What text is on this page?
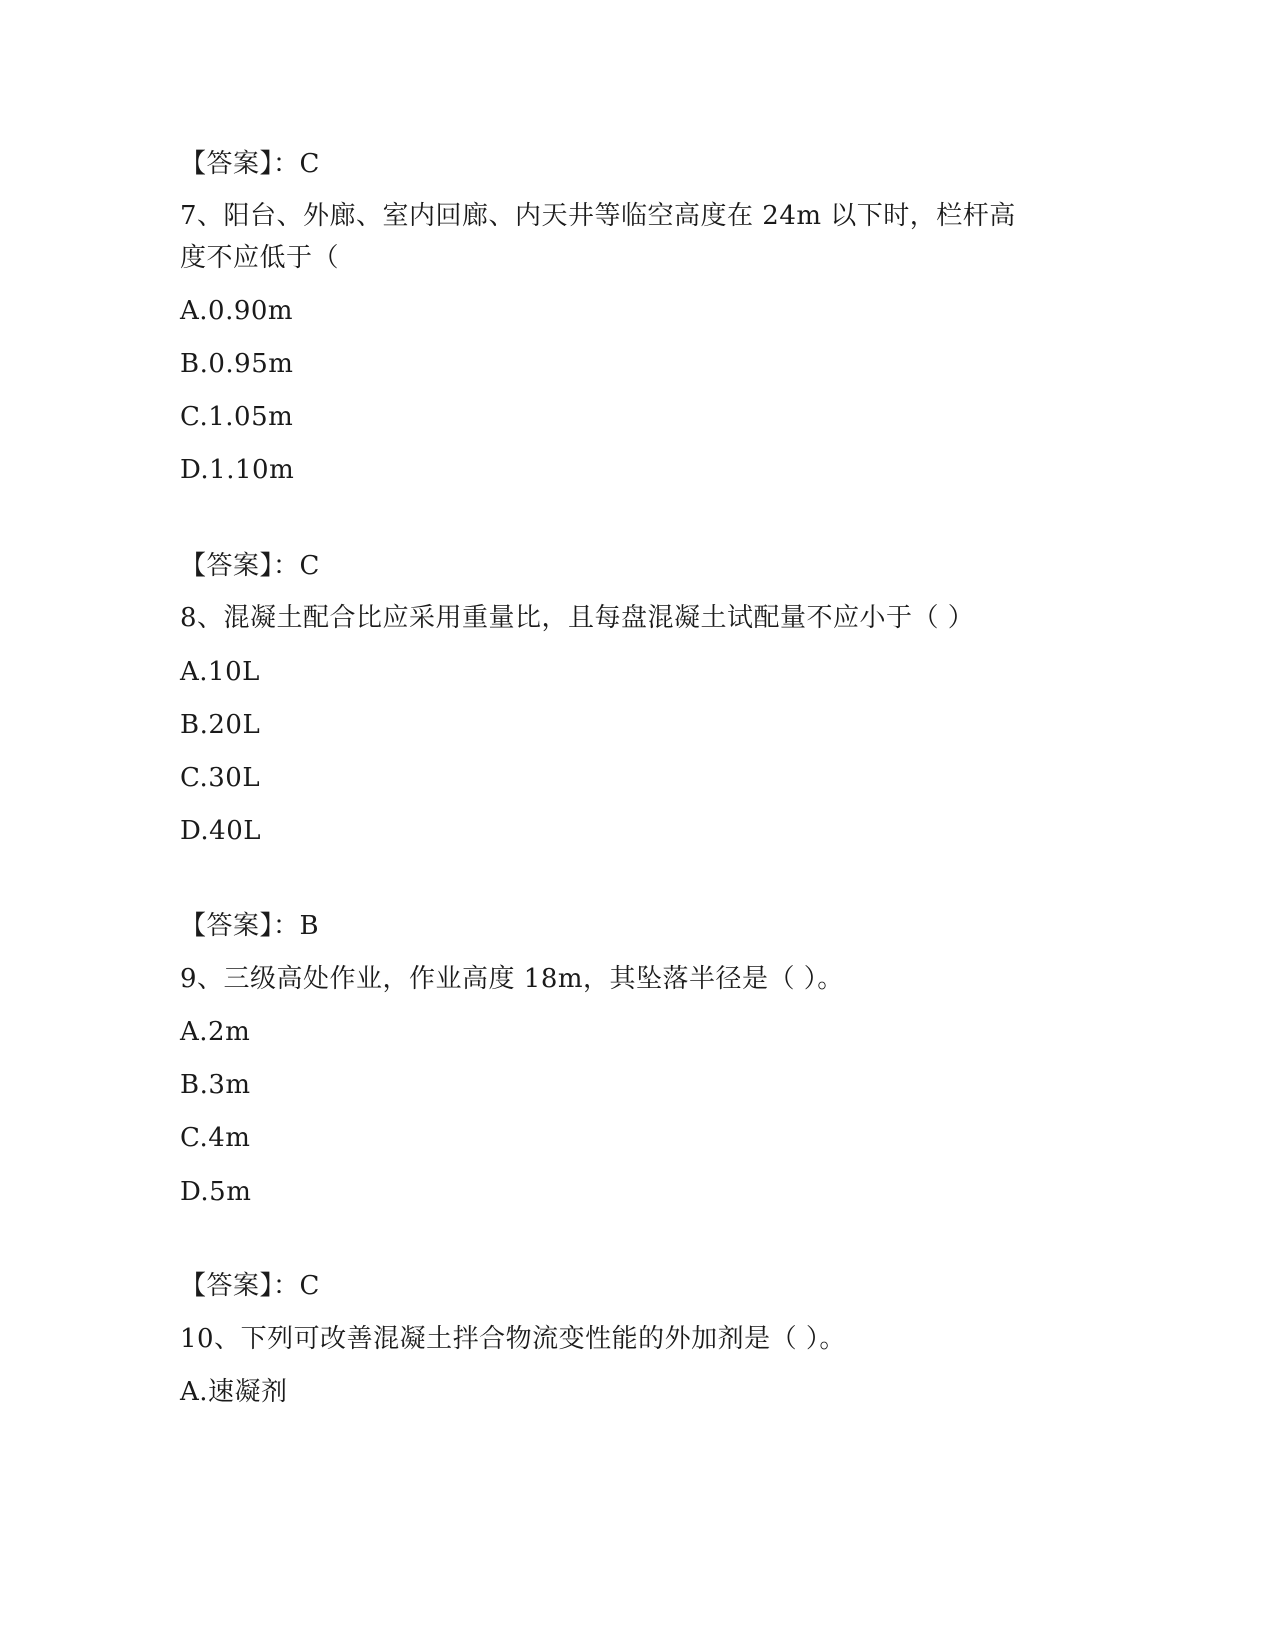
【答案】：C
7、阳台、外廊、室内回廊、内天井等临空高度在 24m 以下时，栏杆高度不应低于（
A.0.90m
B.0.95m
C.1.05m
D.1.10m
【答案】：C
8、混凝土配合比应采用重量比，且每盘混凝土试配量不应小于（ ）
A.10L
B.20L
C.30L
D.40L
【答案】：B
9、三级高处作业，作业高度 18m，其坠落半径是（ ）。
A.2m
B.3m
C.4m
D.5m
【答案】：C
10、下列可改善混凝土拌合物流变性能的外加剂是（ ）。
A.速凝剂
